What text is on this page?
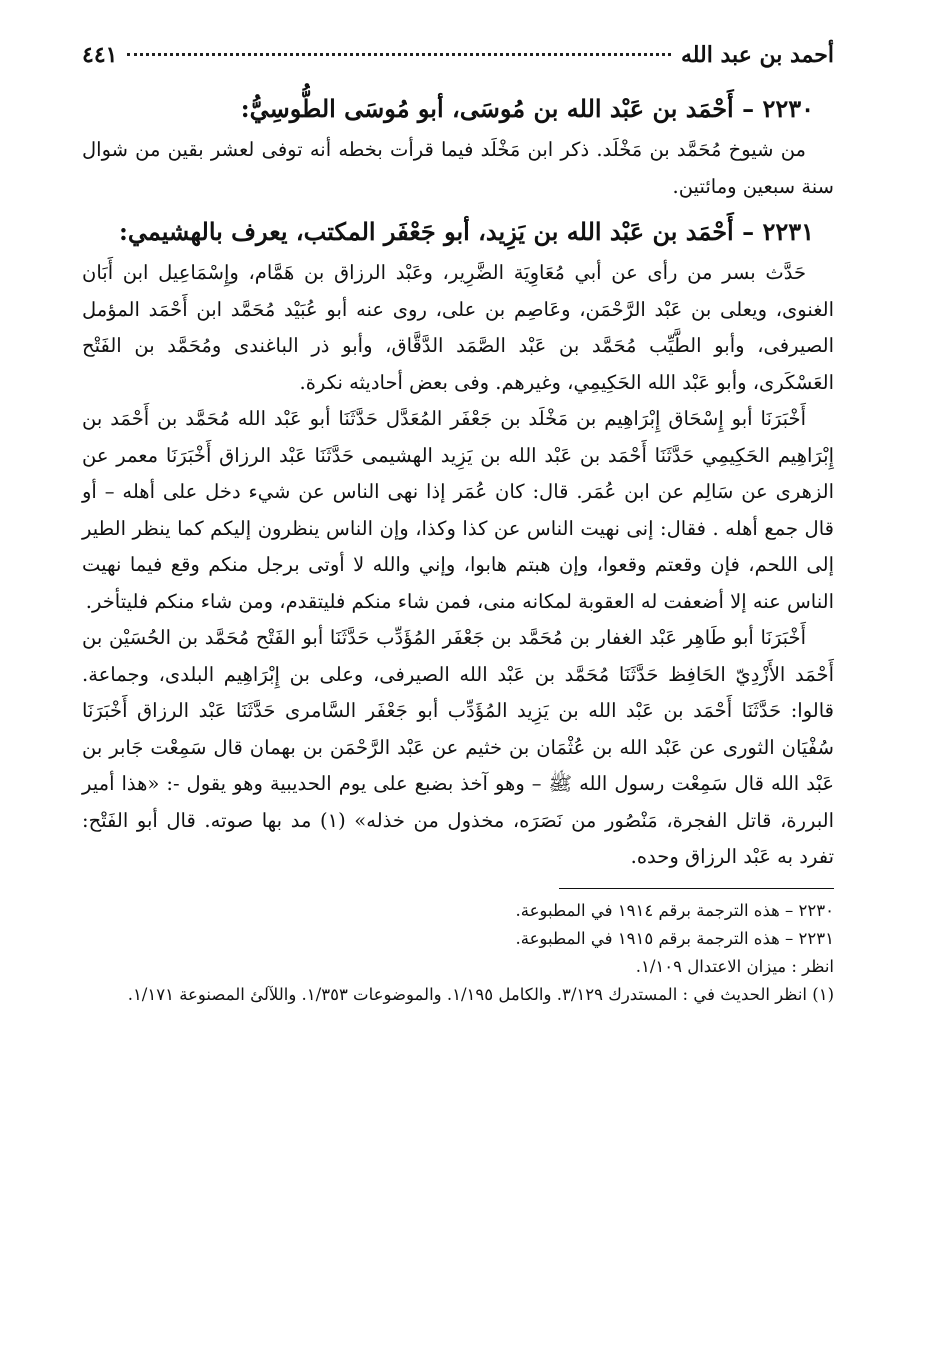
أحمد بن عبد الله
٤٤١
٢٢٣٠ – أَحْمَد بن عَبْد الله بن مُوسَى، أبو مُوسَى الطُّوسِيُّ:

من شيوخ مُحَمَّد بن مَخْلَد. ذكر ابن مَخْلَد فيما قرأت بخطه أنه توفى لعشر بقين من شوال سنة سبعين ومائتين.

٢٢٣١ – أَحْمَد بن عَبْد الله بن يَزِيد، أبو جَعْفَر المكتب، يعرف بالهشيمي:

حَدَّث بسر من رأى عن أبي مُعَاوِيَة الضَّرِير، وعَبْد الرزاق بن هَمَّام، وإِسْمَاعِيل ابن أَبَان الغنوى، ويعلى بن عَبْد الرَّحْمَن، وعَاصِم بن على، روى عنه أبو عُبَيْد مُحَمَّد ابن أَحْمَد المؤمل الصيرفى، وأبو الطَّيِّب مُحَمَّد بن عَبْد الصَّمَد الدَّقَّاق، وأبو ذر الباغندى ومُحَمَّد بن الفَتْح العَسْكَرى، وأبو عَبْد الله الحَكِيمِي، وغيرهم. وفى بعض أحاديثه نكرة.

أَخْبَرَنَا أبو إِسْحَاق إِبْرَاهِيم بن مَخْلَد بن جَعْفَر المُعَدَّل حَدَّثَنَا أبو عَبْد الله مُحَمَّد بن أَحْمَد بن إِبْرَاهِيم الحَكِيمِي حَدَّثَنَا أَحْمَد بن عَبْد الله بن يَزِيد الهشيمى حَدَّثَنَا عَبْد الرزاق أَخْبَرَنَا معمر عن الزهرى عن سَالِم عن ابن عُمَر. قال: كان عُمَر إذا نهى الناس عن شيء دخل على أهله – أو قال جمع أهله . فقال: إنى نهيت الناس عن كذا وكذا، وإن الناس ينظرون إليكم كما ينظر الطير إلى اللحم، فإن وقعتم وقعوا، وإن هبتم هابوا، وإني والله لا أوتى برجل منكم وقع فيما نهيت الناس عنه إلا أضعفت له العقوبة لمكانه منى، فمن شاء منكم فليتقدم، ومن شاء منكم فليتأخر.

أَخْبَرَنَا أبو طَاهِر عَبْد الغفار بن مُحَمَّد بن جَعْفَر المُؤَدِّب حَدَّثَنَا أبو الفَتْح مُحَمَّد بن الحُسَيْن بن أَحْمَد الأَزْدِيّ الحَافِظ حَدَّثَنَا مُحَمَّد بن عَبْد الله الصيرفى، وعلى بن إِبْرَاهِيم البلدى، وجماعة. قالوا: حَدَّثَنَا أَحْمَد بن عَبْد الله بن يَزِيد المُؤَدِّب أبو جَعْفَر السَّامرى حَدَّثَنَا عَبْد الرزاق أَخْبَرَنَا سُفْيَان الثورى عن عَبْد الله بن عُثْمَان بن خثيم عن عَبْد الرَّحْمَن بن بهمان قال سَمِعْت جَابر بن عَبْد الله قال سَمِعْت رسول الله ﷺ – وهو آخذ بضبع على يوم الحديبية وهو يقول -: «هذا أمير البررة، قاتل الفجرة، مَنْصُور من نَصَرَه، مخذول من خذله» (١) مد بها صوته. قال أبو الفَتْح: تفرد به عَبْد الرزاق وحده.

٢٢٣٠ – هذه الترجمة برقم ١٩١٤ في المطبوعة.

٢٢٣١ – هذه الترجمة برقم ١٩١٥ في المطبوعة.

انظر : ميزان الاعتدال ١/١٠٩.

(١) انظر الحديث في : المستدرك ٣/١٢٩. والكامل ١/١٩٥. والموضوعات ١/٣٥٣. واللآلئ المصنوعة ١/١٧١.
